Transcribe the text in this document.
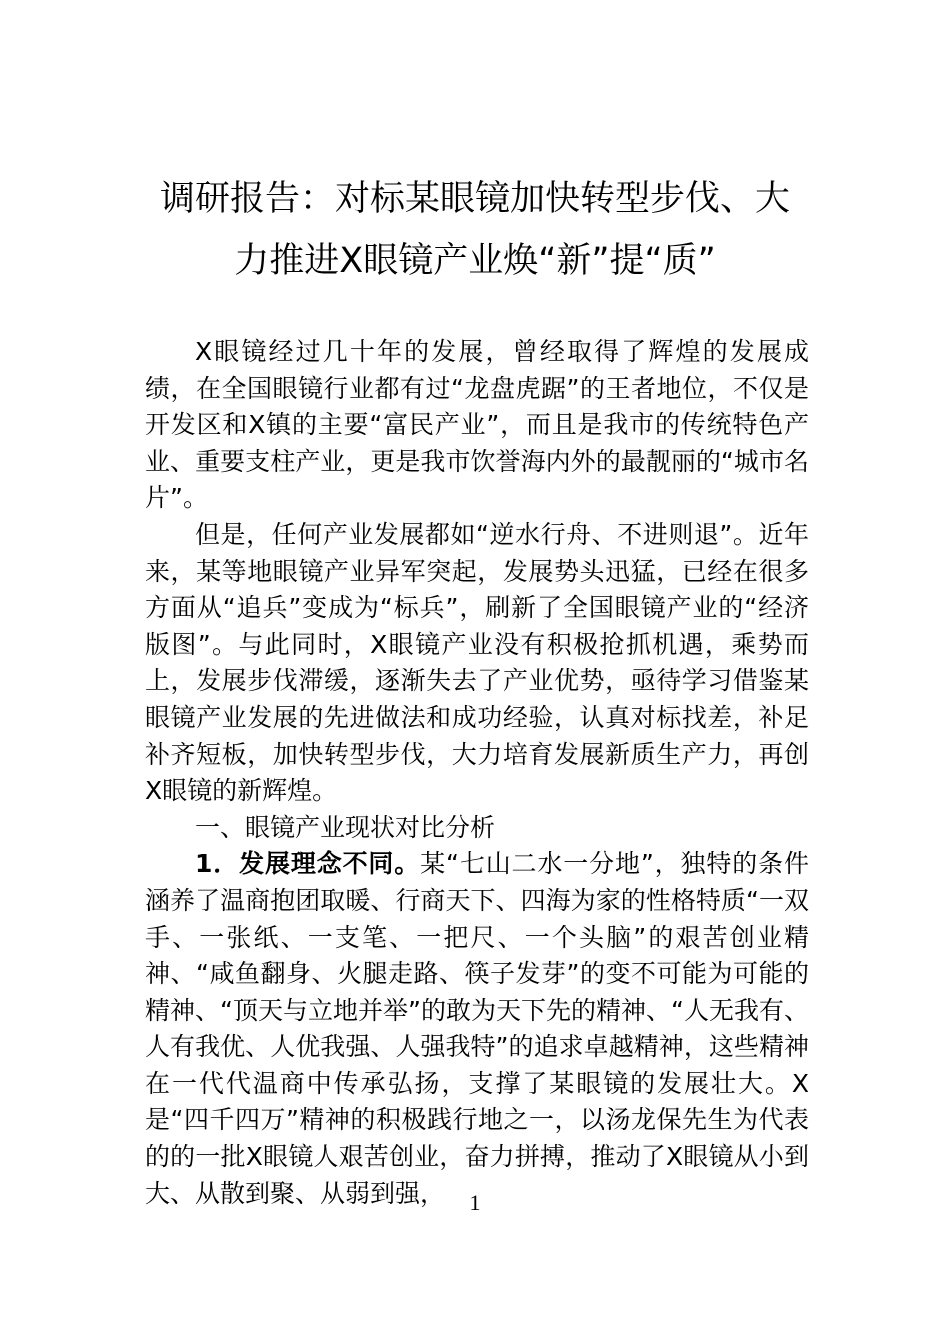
调研报告：对标某眼镜加快转型步伐、大
力推进X眼镜产业焕“新”提“质”

X眼镜经过几十年的发展，曾经取得了辉煌的发展成绩，在全国眼镜行业都有过“龙盘虎踞”的王者地位，不仅是开发区和X镇的主要“富民产业”，而且是我市的传统特色产业、重要支柱产业，更是我市饮誉海内外的最靓丽的“城市名片”。

但是，任何产业发展都如“逆水行舟、不进则退”。近年来，某等地眼镜产业异军突起，发展势头迅猛，已经在很多方面从“追兵”变成为“标兵”，刷新了全国眼镜产业的“经济版图”。与此同时，X眼镜产业没有积极抢抓机遇，乘势而上，发展步伐滞缓，逐渐失去了产业优势，亟待学习借鉴某眼镜产业发展的先进做法和成功经验，认真对标找差，补足补齐短板，加快转型步伐，大力培育发展新质生产力，再创X眼镜的新辉煌。

一、眼镜产业现状对比分析

1．发展理念不同。某“七山二水一分地”，独特的条件涵养了温商抱团取暖、行商天下、四海为家的性格特质“一双手、一张纸、一支笔、一把尺、一个头脑”的艰苦创业精神、“咸鱼翻身、火腿走路、筷子发芽”的变不可能为可能的精神、“顶天与立地并举”的敢为天下先的精神、“人无我有、人有我优、人优我强、人强我特”的追求卓越精神，这些精神在一代代温商中传承弘扬，支撑了某眼镜的发展壮大。X是“四千四万”精神的积极践行地之一，以汤龙保先生为代表的的一批X眼镜人艰苦创业，奋力拼搏，推动了X眼镜从小到大、从散到聚、从弱到强，	1
